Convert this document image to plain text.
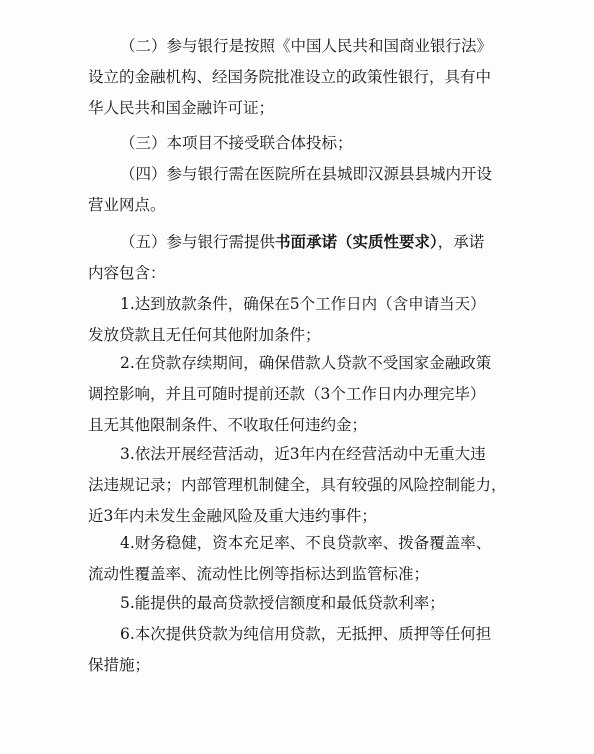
（二）参与银行是按照《中国人民共和国商业银行法》
设立的金融机构、经国务院批准设立的政策性银行，具有中
华人民共和国金融许可证；
（三）本项目不接受联合体投标；
（四）参与银行需在医院所在县城即汉源县县城内开设
营业网点。
（五）参与银行需提供书面承诺（实质性要求），承诺
内容包含：
1.达到放款条件，确保在5个工作日内（含申请当天）
发放贷款且无任何其他附加条件；
2.在贷款存续期间，确保借款人贷款不受国家金融政策
调控影响，并且可随时提前还款（3个工作日内办理完毕）
且无其他限制条件、不收取任何违约金；
3.依法开展经营活动，近3年内在经营活动中无重大违
法违规记录；内部管理机制健全，具有较强的风险控制能力，
近3年内未发生金融风险及重大违约事件；
4.财务稳健，资本充足率、不良贷款率、拨备覆盖率、
流动性覆盖率、流动性比例等指标达到监管标准；
5.能提供的最高贷款授信额度和最低贷款利率；
6.本次提供贷款为纯信用贷款，无抵押、质押等任何担
保措施；
